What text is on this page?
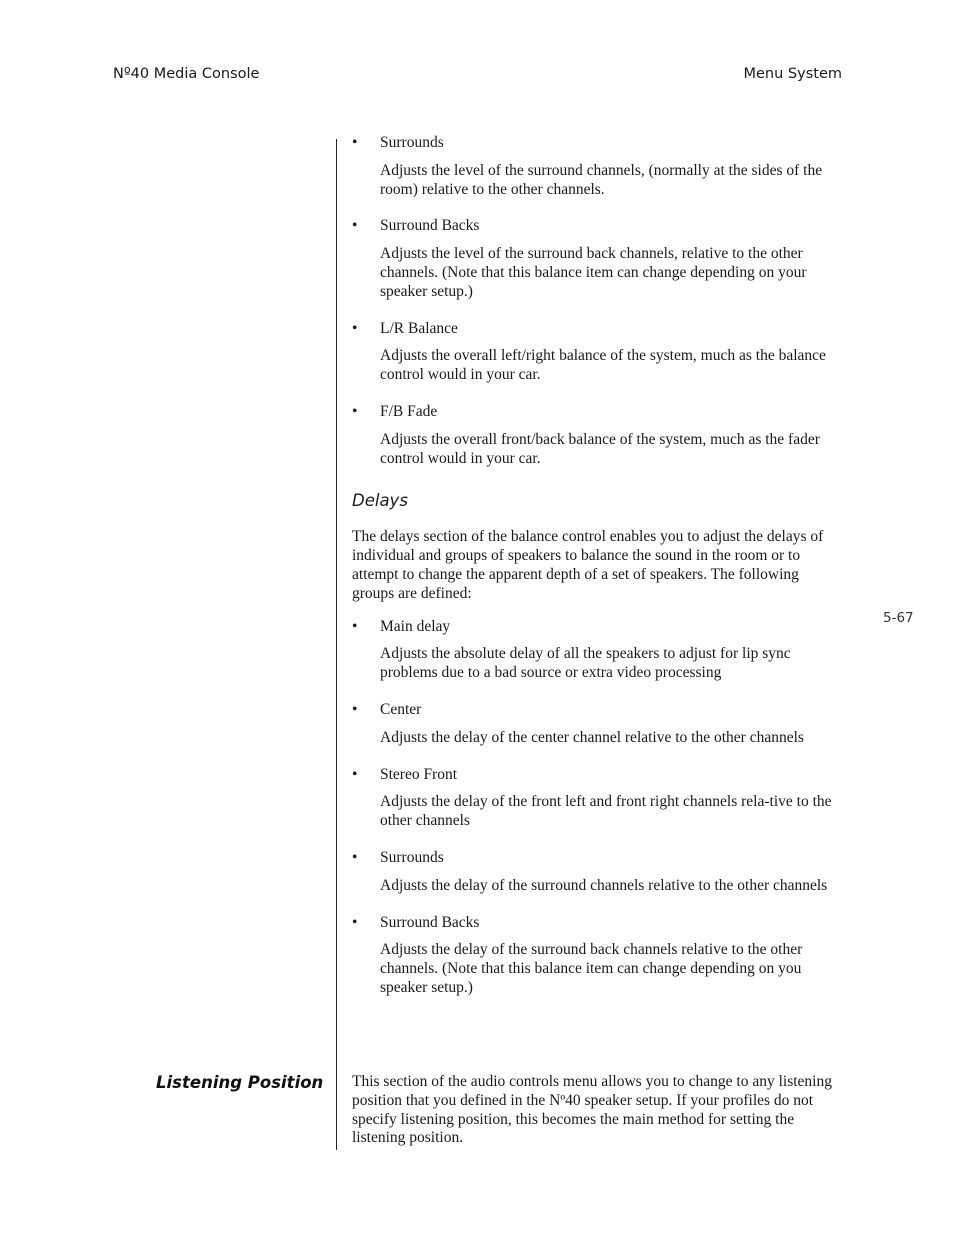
Nº40 Media Console	Menu System
5-67
Listening Position
• Surrounds

Adjusts the level of the surround channels, (normally at the sides of the room) relative to the other channels.

• Surround Backs

Adjusts the level of the surround back channels, relative to the other channels. (Note that this balance item can change depending on your speaker setup.)

• L/R Balance

Adjusts the overall left/right balance of the system, much as the balance control would in your car.

• F/B Fade

Adjusts the overall front/back balance of the system, much as the fader control would in your car.

Delays

The delays section of the balance control enables you to adjust the delays of individual and groups of speakers to balance the sound in the room or to attempt to change the apparent depth of a set of speakers. The following groups are defined:

• Main delay

Adjusts the absolute delay of all the speakers to adjust for lip sync problems due to a bad source or extra video processing

• Center

Adjusts the delay of the center channel relative to the other channels

• Stereo Front

Adjusts the delay of the front left and front right channels rela-tive to the other channels

• Surrounds

Adjusts the delay of the surround channels relative to the other channels

• Surround Backs

Adjusts the delay of the surround back channels relative to the other channels. (Note that this balance item can change depending on you speaker setup.)

This section of the audio controls menu allows you to change to any listening position that you defined in the Nº40 speaker setup. If your profiles do not specify listening position, this becomes the main method for setting the listening position.
